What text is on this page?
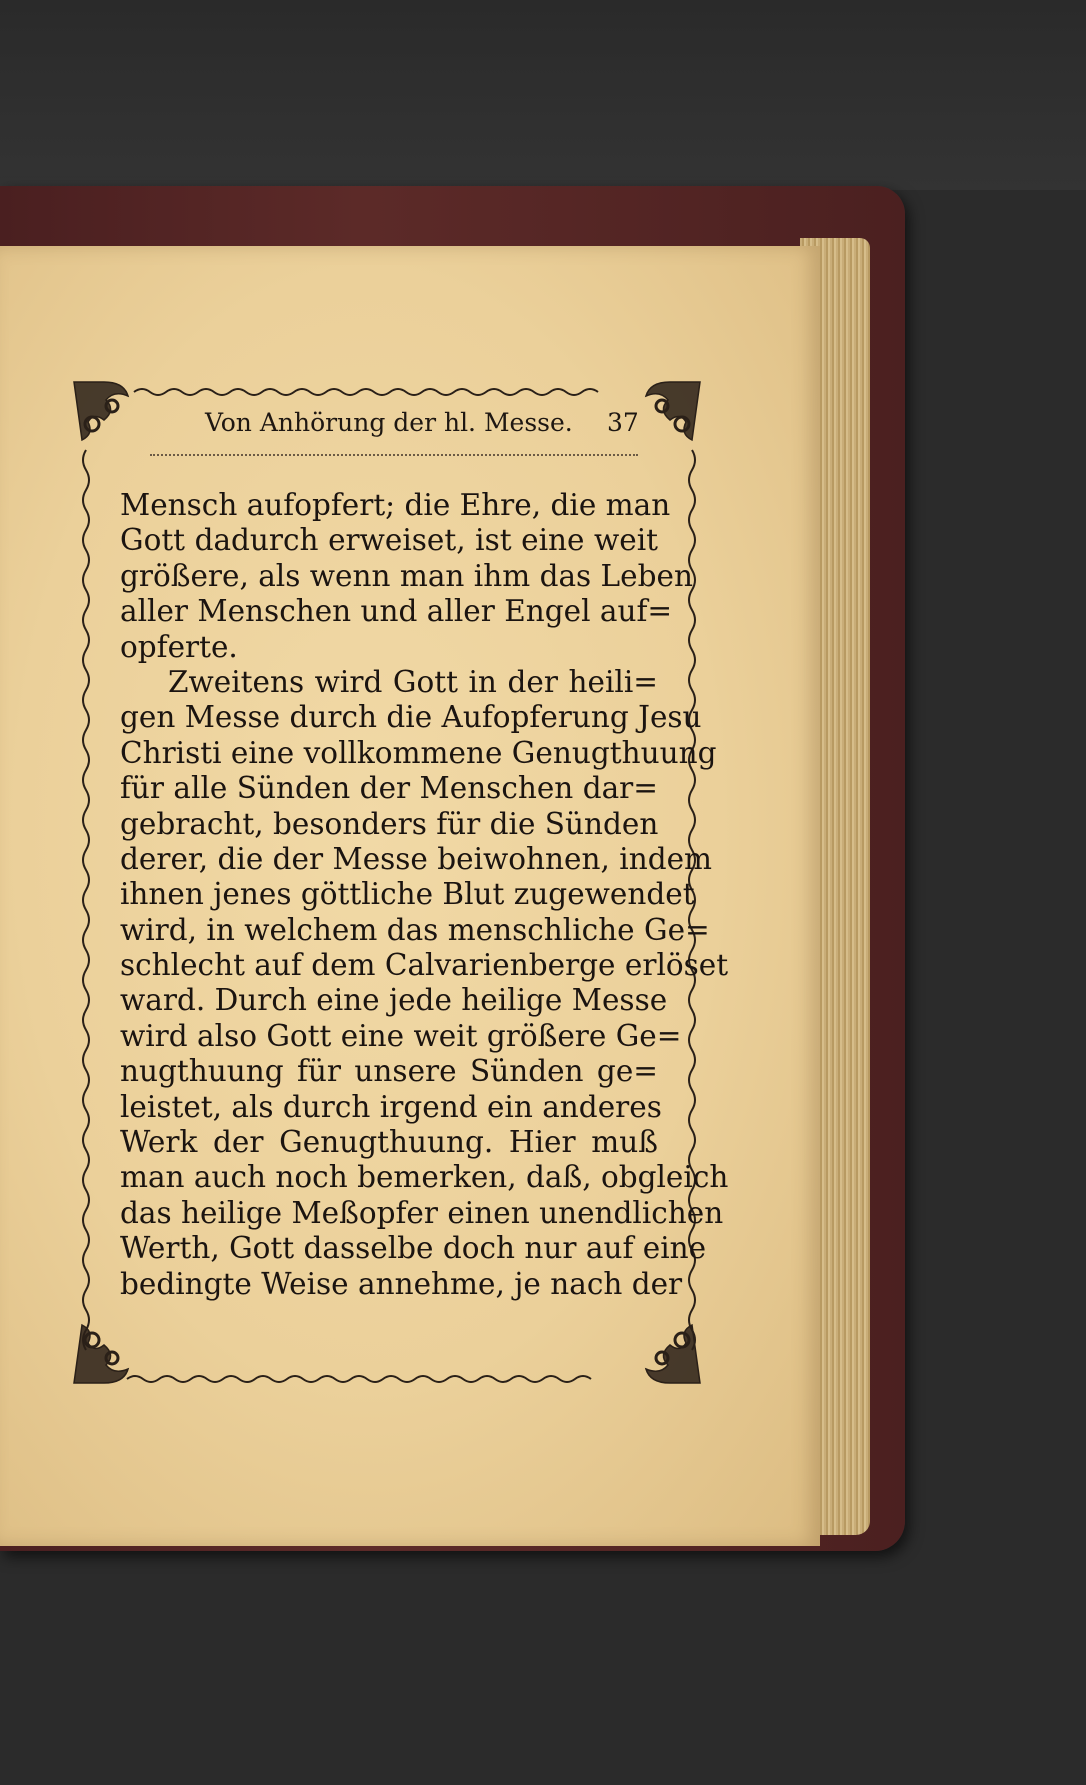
Von Anhörung der hl. Messe. 37
Mensch aufopfert; die Ehre, die man
Gott dadurch erweiset, ist eine weit
größere, als wenn man ihm das Leben
aller Menschen und aller Engel auf=
opferte.
Zweitens wird Gott in der heili=
gen Messe durch die Aufopferung Jesu
Christi eine vollkommene Genugthuung
für alle Sünden der Menschen dar=
gebracht, besonders für die Sünden
derer, die der Messe beiwohnen, indem
ihnen jenes göttliche Blut zugewendet
wird, in welchem das menschliche Ge=
schlecht auf dem Calvarienberge erlöset
ward. Durch eine jede heilige Messe
wird also Gott eine weit größere Ge=
nugthuung für unsere Sünden ge=
leistet, als durch irgend ein anderes
Werk der Genugthuung. Hier muß
man auch noch bemerken, daß, obgleich
das heilige Meßopfer einen unendlichen
Werth, Gott dasselbe doch nur auf eine
bedingte Weise annehme, je nach der
